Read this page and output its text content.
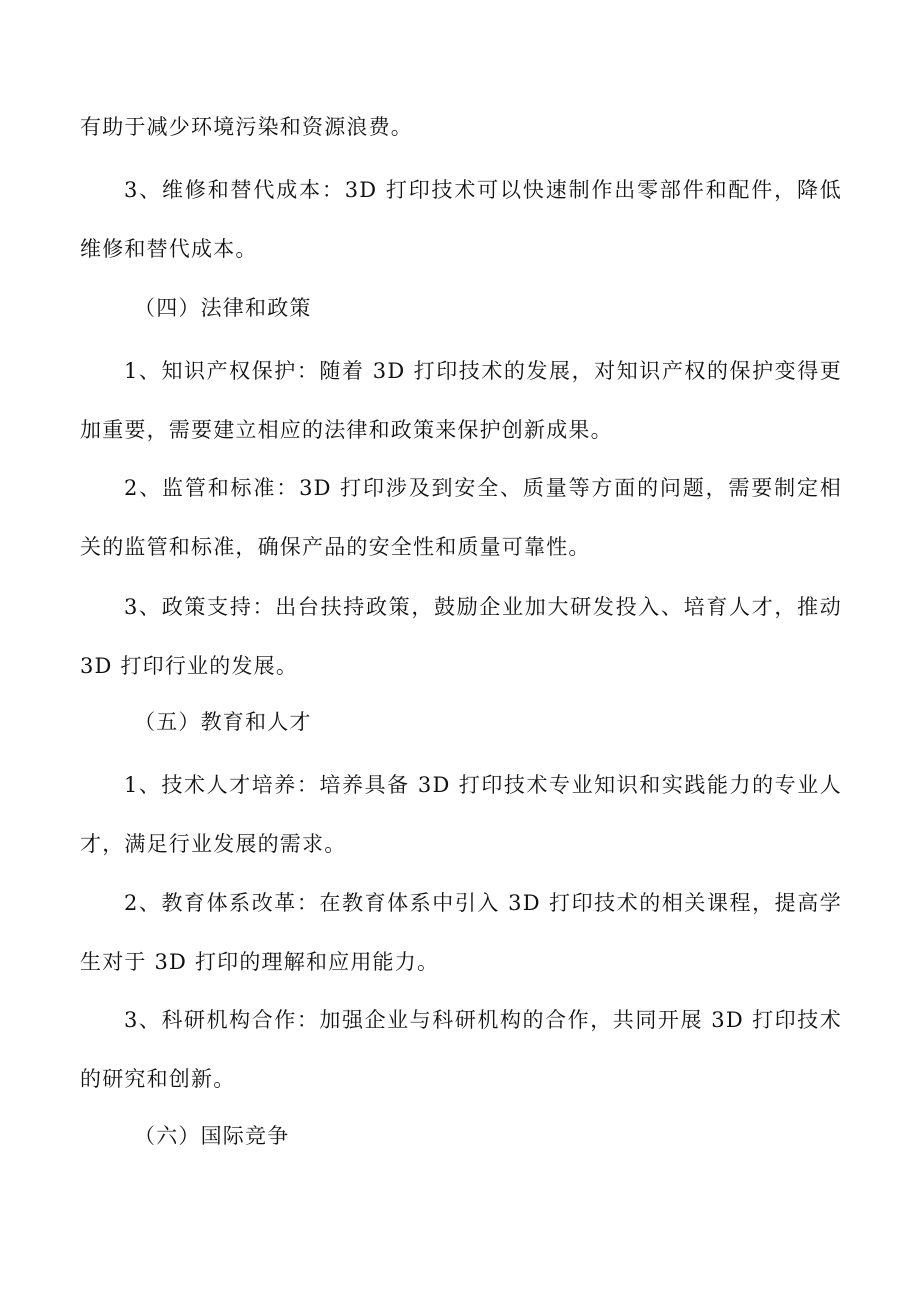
有助于减少环境污染和资源浪费。

3、维修和替代成本：3D 打印技术可以快速制作出零部件和配件，降低维修和替代成本。

（四）法律和政策

1、知识产权保护：随着 3D 打印技术的发展，对知识产权的保护变得更加重要，需要建立相应的法律和政策来保护创新成果。

2、监管和标准：3D 打印涉及到安全、质量等方面的问题，需要制定相关的监管和标准，确保产品的安全性和质量可靠性。

3、政策支持：出台扶持政策，鼓励企业加大研发投入、培育人才，推动 3D 打印行业的发展。

（五）教育和人才

1、技术人才培养：培养具备 3D 打印技术专业知识和实践能力的专业人才，满足行业发展的需求。

2、教育体系改革：在教育体系中引入 3D 打印技术的相关课程，提高学生对于 3D 打印的理解和应用能力。

3、科研机构合作：加强企业与科研机构的合作，共同开展 3D 打印技术的研究和创新。

（六）国际竞争
